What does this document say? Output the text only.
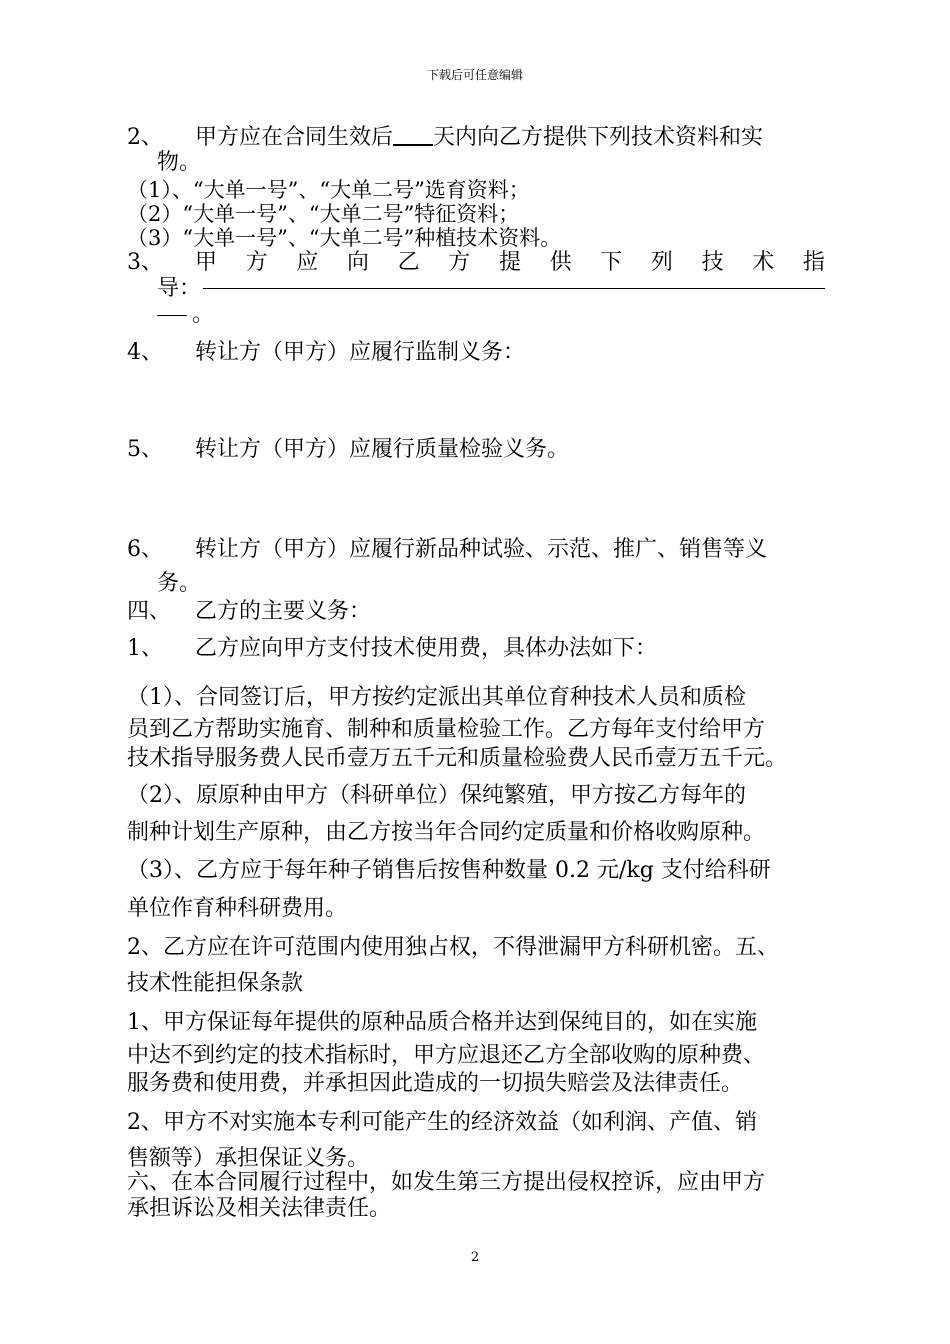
下载后可任意编辑
2、 甲方应在合同生效后 天内向乙方提供下列技术资料和实
物。
（1）、“大单一号”、“大单二号”选育资料；
（2）“大单一号”、“大单二号”特征资料；
（3）“大单一号”、“大单二号”种植技术资料。
3、 甲 方 应 向 乙 方 提 供 下 列 技 术 指
导：
。
4、 转让方（甲方）应履行监制义务：
5、 转让方（甲方）应履行质量检验义务。
6、 转让方（甲方）应履行新品种试验、示范、推广、销售等义
务。
四、 乙方的主要义务：
1、 乙方应向甲方支付技术使用费，具体办法如下：
（1）、合同签订后，甲方按约定派出其单位育种技术人员和质检
员到乙方帮助实施育、制种和质量检验工作。乙方每年支付给甲方
技术指导服务费人民币壹万五千元和质量检验费人民币壹万五千元。
（2）、原原种由甲方（科研单位）保纯繁殖，甲方按乙方每年的
制种计划生产原种，由乙方按当年合同约定质量和价格收购原种。
（3）、乙方应于每年种子销售后按售种数量 0.2 元/kg 支付给科研
单位作育种科研费用。
2、乙方应在许可范围内使用独占权，不得泄漏甲方科研机密。五、
技术性能担保条款
1、甲方保证每年提供的原种品质合格并达到保纯目的，如在实施
中达不到约定的技术指标时，甲方应退还乙方全部收购的原种费、
服务费和使用费，并承担因此造成的一切损失赔尝及法律责任。
2、甲方不对实施本专利可能产生的经济效益（如利润、产值、销
售额等）承担保证义务。
六、在本合同履行过程中，如发生第三方提出侵权控诉，应由甲方
承担诉讼及相关法律责任。
2
